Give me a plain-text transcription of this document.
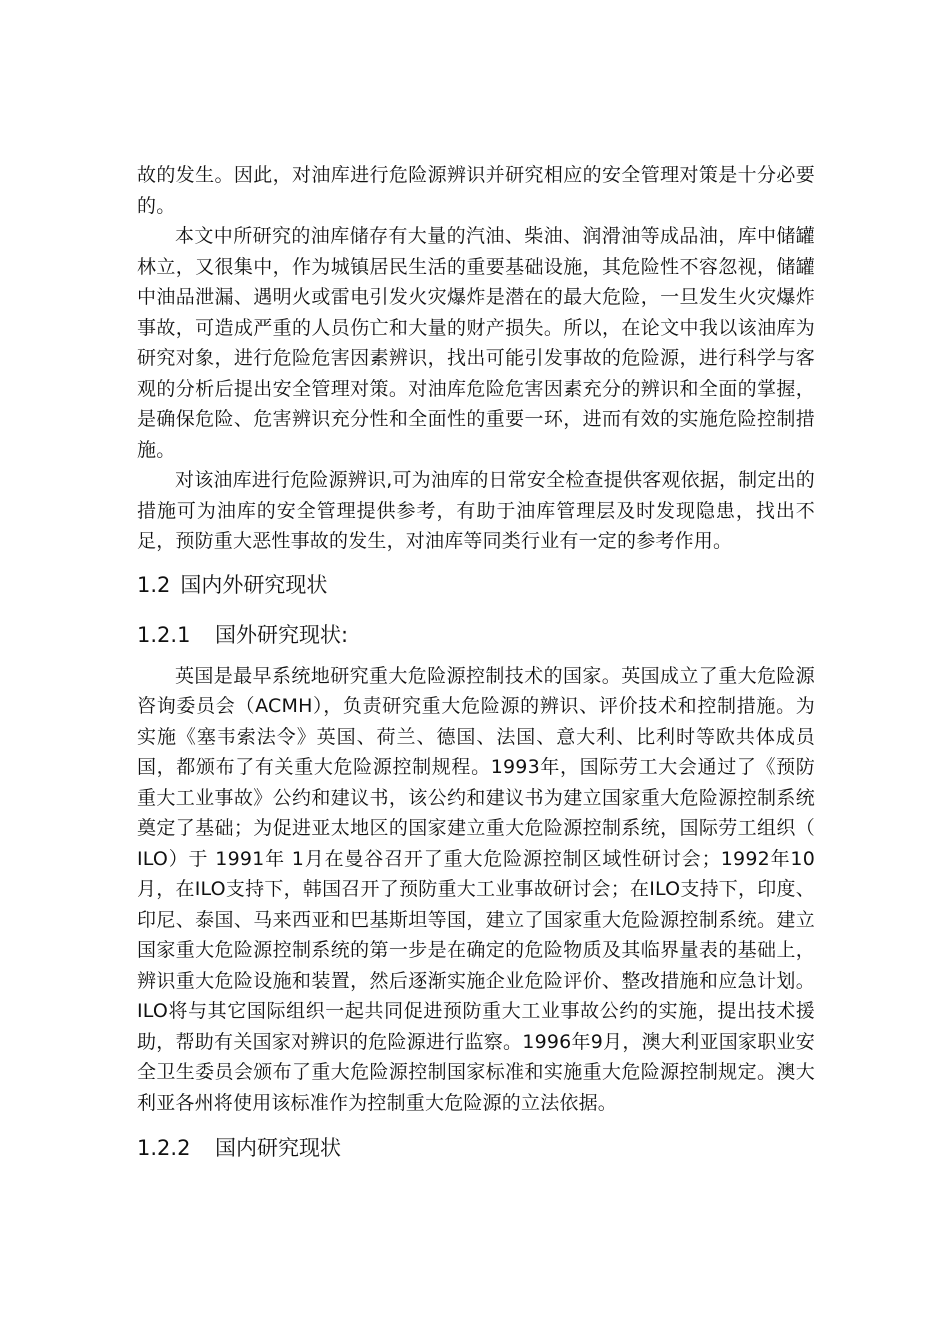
故的发生。因此，对油库进行危险源辨识并研究相应的安全管理对策是十分必要的。

本文中所研究的油库储存有大量的汽油、柴油、润滑油等成品油，库中储罐林立，又很集中，作为城镇居民生活的重要基础设施，其危险性不容忽视，储罐中油品泄漏、遇明火或雷电引发火灾爆炸是潜在的最大危险，一旦发生火灾爆炸事故，可造成严重的人员伤亡和大量的财产损失。所以，在论文中我以该油库为研究对象，进行危险危害因素辨识，找出可能引发事故的危险源，进行科学与客观的分析后提出安全管理对策。对油库危险危害因素充分的辨识和全面的掌握，是确保危险、危害辨识充分性和全面性的重要一环，进而有效的实施危险控制措施。

对该油库进行危险源辨识,可为油库的日常安全检查提供客观依据，制定出的措施可为油库的安全管理提供参考，有助于油库管理层及时发现隐患，找出不足，预防重大恶性事故的发生，对油库等同类行业有一定的参考作用。

1.2 国内外研究现状
1.2.1 国外研究现状:

英国是最早系统地研究重大危险源控制技术的国家。英国成立了重大危险源咨询委员会（ACMH），负责研究重大危险源的辨识、评价技术和控制措施。为实施《塞韦索法令》英国、荷兰、德国、法国、意大利、比利时等欧共体成员国，都颁布了有关重大危险源控制规程。1993年，国际劳工大会通过了《预防重大工业事故》公约和建议书，该公约和建议书为建立国家重大危险源控制系统奠定了基础；为促进亚太地区的国家建立重大危险源控制系统，国际劳工组织（ ILO）于 1991年 1月在曼谷召开了重大危险源控制区域性研讨会；1992年10月，在ILO支持下，韩国召开了预防重大工业事故研讨会；在ILO支持下，印度、印尼、泰国、马来西亚和巴基斯坦等国，建立了国家重大危险源控制系统。建立国家重大危险源控制系统的第一步是在确定的危险物质及其临界量表的基础上，辨识重大危险设施和装置，然后逐渐实施企业危险评价、整改措施和应急计划。ILO将与其它国际组织一起共同促进预防重大工业事故公约的实施，提出技术援助，帮助有关国家对辨识的危险源进行监察。1996年9月，澳大利亚国家职业安全卫生委员会颁布了重大危险源控制国家标准和实施重大危险源控制规定。澳大利亚各州将使用该标准作为控制重大危险源的立法依据。

1.2.2 国内研究现状
